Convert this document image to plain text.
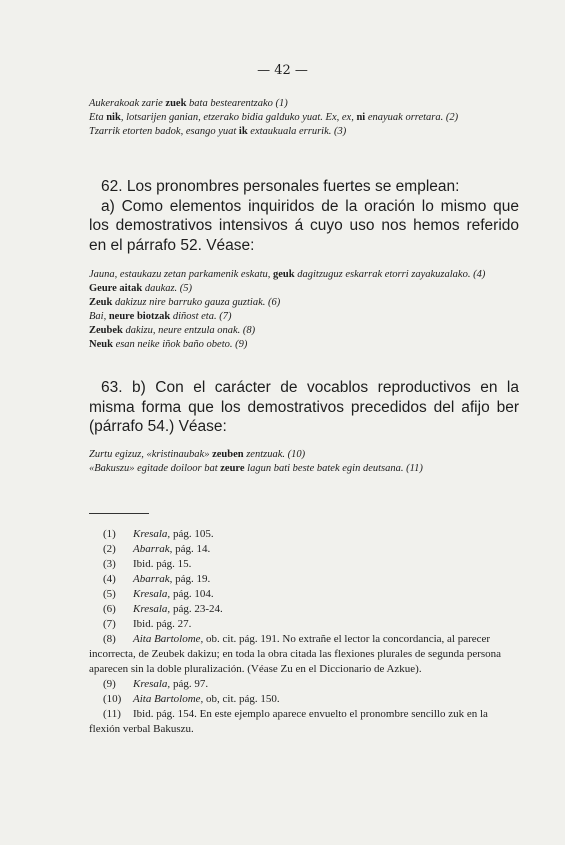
— 42 —
Aukerakoak zarie zuek bata bestearentzako (1)
Eta nik, lotsarijen ganian, etzerako bidia galduko yuat. Ex, ex, ni enayuak orretara. (2)
Tzarrik etorten badok, esango yuat ik extaukuala errurik. (3)
62. Los pronombres personales fuertes se emplean:
a) Como elementos inquiridos de la oración lo mismo que los demostrativos intensivos á cuyo uso nos hemos referido en el párrafo 52. Véase:
Jauna, estaukazu zetan parkamenik eskatu, geuk dagitzuguz eskarrak etorri zayakuzalako. (4)
Geure aitak daukaz. (5)
Zeuk dakizuz nire barruko gauza guztiak. (6)
Bai, neure biotzak diñost eta. (7)
Zeubek dakizu, neure entzula onak. (8)
Neuk esan neike iñok baño obeto. (9)
63. b) Con el carácter de vocablos reproductivos en la misma forma que los demostrativos precedidos del afijo ber (párrafo 54.) Véase:
Zurtu egizuz, «kristinaubak» zeuben zentzuak. (10)
«Bakuszu» egitade doiloor bat zeure lagun bati beste batek egin deutsana. (11)
(1) Kresala, pág. 105.
(2) Abarrak, pág. 14.
(3) Ibid. pág. 15.
(4) Abarrak, pág. 19.
(5) Kresala, pág. 104.
(6) Kresala, pág. 23-24.
(7) Ibid. pág. 27.
(8) Aita Bartolome, ob. cit. pág. 191. No extrañe el lector la concordancia, al parecer incorrecta, de Zeubek dakizu; en toda la obra citada las flexiones plurales de segunda persona aparecen sin la doble pluralización. (Véase Zu en el Diccionario de Azkue).
(9) Kresala, pág. 97.
(10) Aita Bartolome, ob, cit. pág. 150.
(11) Ibid. pág. 154. En este ejemplo aparece envuelto el pronombre sencillo zuk en la flexión verbal Bakuszu.
